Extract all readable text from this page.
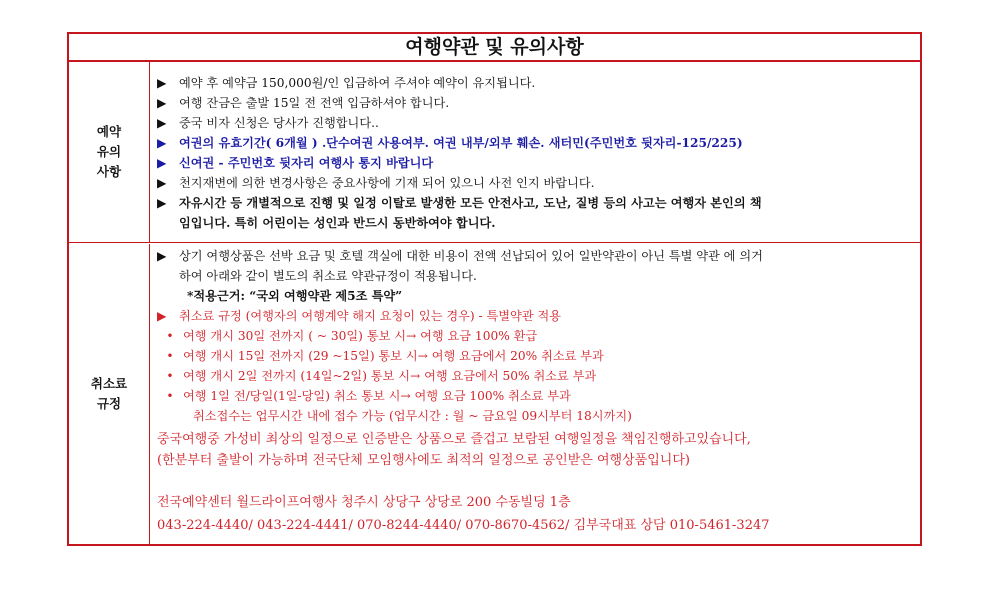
여행약관 및 유의사항
예약
유의
사항
▶ 예약 후 예약금 150,000원/인 입금하여 주셔야 예약이 유지됩니다.
▶ 여행 잔금은 출발 15일 전 전액 입금하셔야 합니다.
▶ 중국 비자 신청은 당사가 진행합니다..
▶ 여권의 유효기간( 6개월 ) .단수여권 사용여부. 여권 내부/외부 훼손. 새터민(주민번호 뒷자리-125/225)
▶ 신여권 - 주민번호 뒷자리 여행사 통지 바랍니다
▶ 천지재변에 의한 변경사항은 중요사항에 기재 되어 있으니 사전 인지 바랍니다.
▶ 자유시간 등 개별적으로 진행 및 일정 이탈로 발생한 모든 안전사고, 도난, 질병 등의 사고는 여행자 본인의 책
임입니다. 특히 어린이는 성인과 반드시 동반하여야 합니다.
취소료
규정
▶ 상기 여행상품은 선박 요금 및 호텔 객실에 대한 비용이 전액 선납되어 있어 일반약관이 아닌 특별 약관 에 의거
하여 아래와 같이 별도의 취소료 약관규정이 적용됩니다.
*적용근거: “국외 여행약관 제5조 특약”
▶ 취소료 규정 (여행자의 여행계약 해지 요청이 있는 경우) - 특별약관 적용
• 여행 개시 30일 전까지 ( ~ 30일) 통보 시→ 여행 요금 100% 환급
• 여행 개시 15일 전까지 (29 ~15일) 통보 시→ 여행 요금에서 20% 취소료 부과
• 여행 개시 2일 전까지 (14일~2일) 통보 시→ 여행 요금에서 50% 취소료 부과
• 여행 1일 전/당일(1일-당일) 취소 통보 시→ 여행 요금 100% 취소료 부과
취소접수는 업무시간 내에 접수 가능 (업무시간 : 월 ~ 금요일 09시부터 18시까지)
중국여행중 가성비 최상의 일정으로 인증받은 상품으로 즐겁고 보람된 여행일정을 책임진행하고있습니다,
(한분부터 출발이 가능하며 전국단체 모임행사에도 최적의 일정으로 공인받은 여행상품입니다)
전국예약센터 월드라이프여행사 청주시 상당구 상당로 200 수동빌딩 1층
043-224-4440/ 043-224-4441/ 070-8244-4440/ 070-8670-4562/ 김부국대표 상담 010-5461-3247
